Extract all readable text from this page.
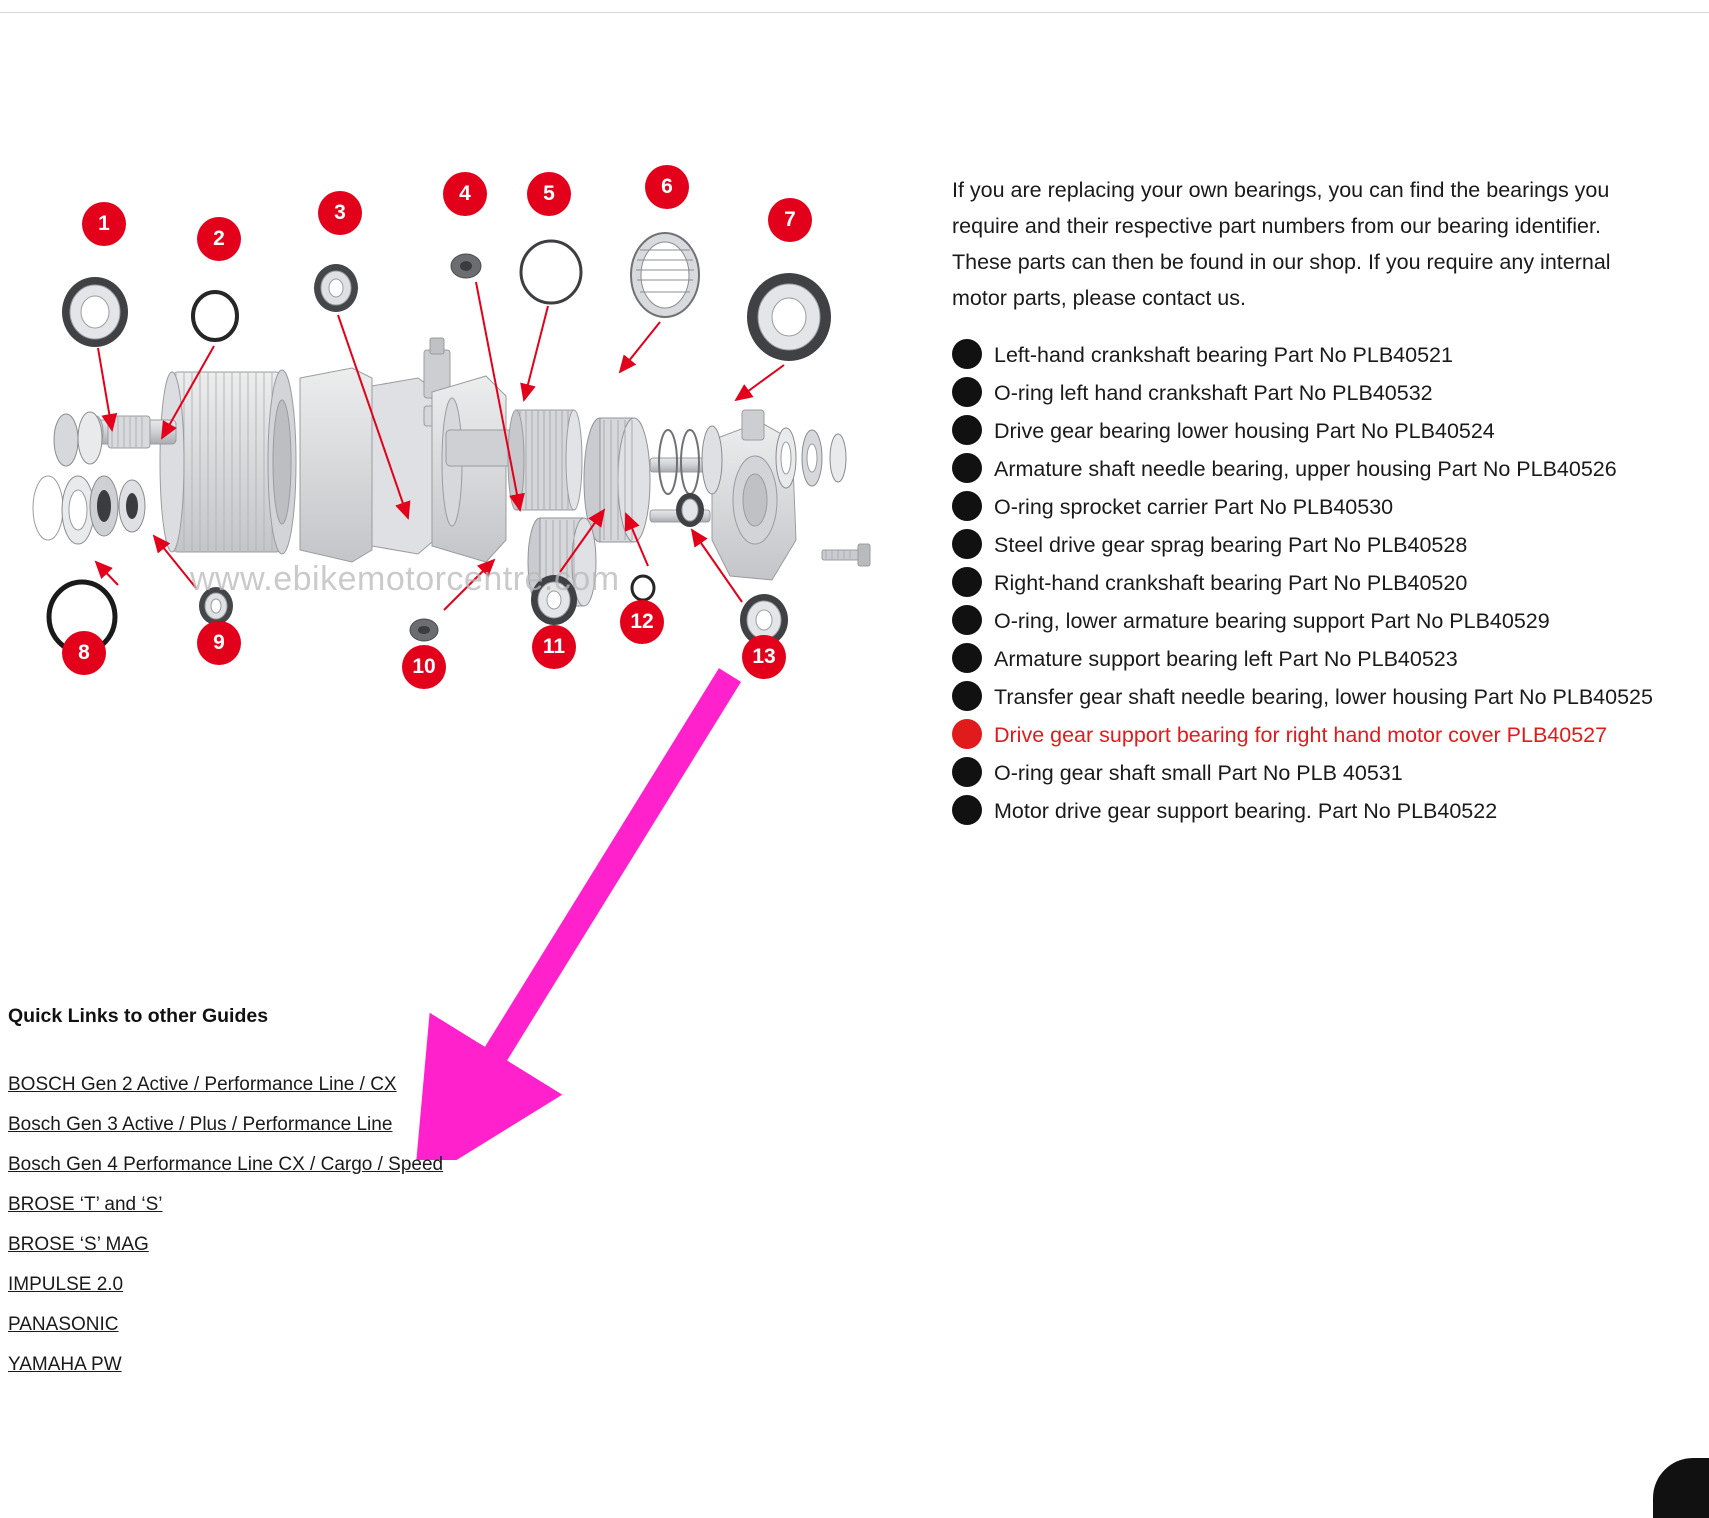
www.ebikemotorcentre.com
1
2
3
4	5	6
7
8	9
10
11
12
13

If you are replacing your own bearings, you can find the bearings you require and their respective part numbers from our bearing identifier. These parts can then be found in our shop. If you require any internal motor parts, please contact us.

1 Left-hand crankshaft bearing Part No PLB40521
2 O-ring left hand crankshaft Part No PLB40532
3 Drive gear bearing lower housing Part No PLB40524
4 Armature shaft needle bearing, upper housing Part No PLB40526
5 O-ring sprocket carrier Part No PLB40530
6 Steel drive gear sprag bearing Part No PLB40528
7 Right-hand crankshaft bearing Part No PLB40520
8 O-ring, lower armature bearing support Part No PLB40529
9 Armature support bearing left Part No PLB40523
10 Transfer gear shaft needle bearing, lower housing Part No PLB40525
11 Drive gear support bearing for right hand motor cover PLB40527
12 O-ring gear shaft small Part No PLB 40531
13 Motor drive gear support bearing. Part No PLB40522
Quick Links to other Guides
BOSCH Gen 2 Active / Performance Line / CX
Bosch Gen 3 Active / Plus / Performance Line
Bosch Gen 4 Performance Line CX / Cargo / Speed
BROSE ‘T’ and ‘S’
BROSE ‘S’ MAG
IMPULSE 2.0
PANASONIC
YAMAHA PW
